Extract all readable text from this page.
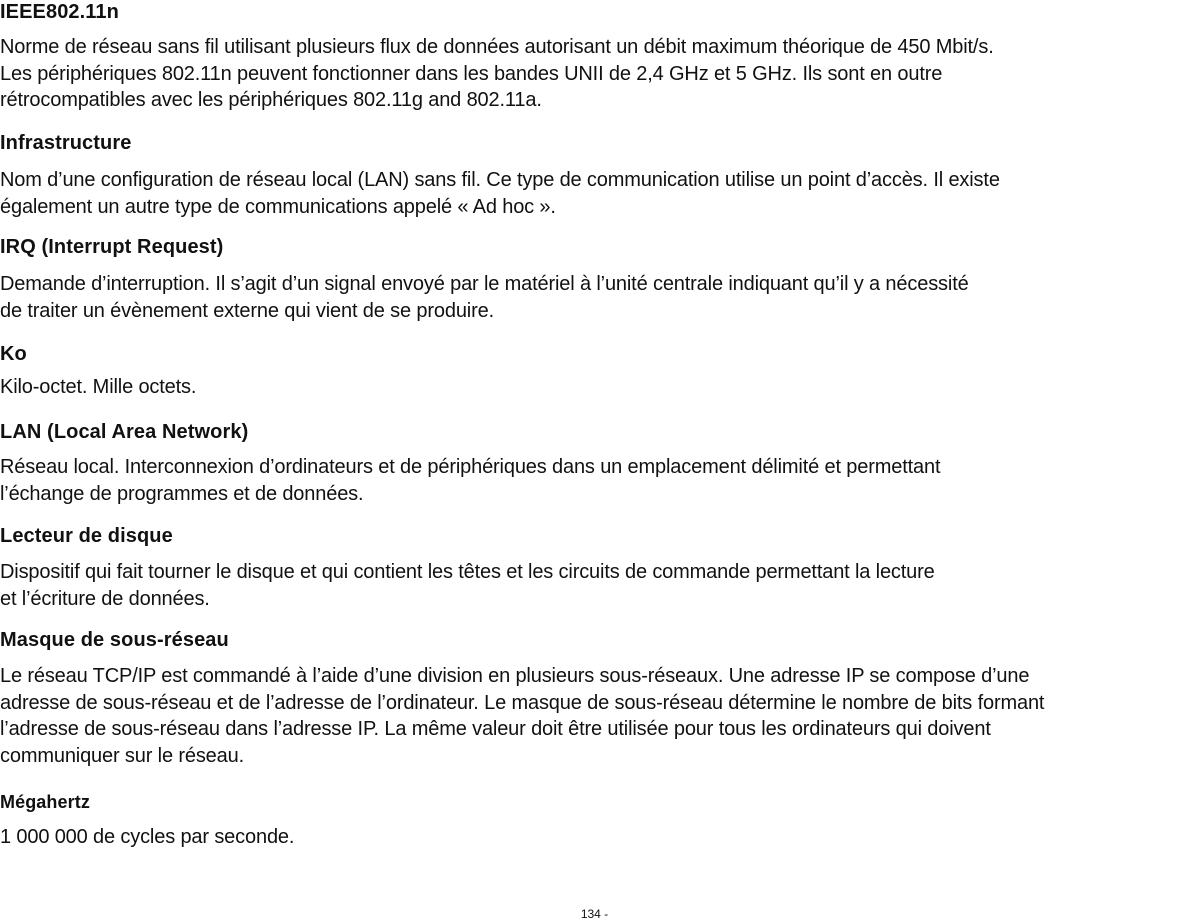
IEEE802.11n

Norme de réseau sans fil utilisant plusieurs flux de données autorisant un débit maximum théorique de 450 Mbit/s.
Les périphériques 802.11n peuvent fonctionner dans les bandes UNII de 2,4 GHz et 5 GHz. Ils sont en outre
rétrocompatibles avec les périphériques 802.11g and 802.11a.

Infrastructure

Nom d’une configuration de réseau local (LAN) sans fil. Ce type de communication utilise un point d’accès. Il existe
également un autre type de communications appelé « Ad hoc ».

IRQ (Interrupt Request)

Demande d’interruption. Il s’agit d’un signal envoyé par le matériel à l’unité centrale indiquant qu’il y a nécessité
de traiter un évènement externe qui vient de se produire.

Ko

Kilo-octet. Mille octets.

LAN (Local Area Network)

Réseau local. Interconnexion d’ordinateurs et de périphériques dans un emplacement délimité et permettant
l’échange de programmes et de données.

Lecteur de disque

Dispositif qui fait tourner le disque et qui contient les têtes et les circuits de commande permettant la lecture
et l’écriture de données.

Masque de sous-réseau

Le réseau TCP/IP est commandé à l’aide d’une division en plusieurs sous-réseaux. Une adresse IP se compose d’une
adresse de sous-réseau et de l’adresse de l’ordinateur. Le masque de sous-réseau détermine le nombre de bits formant
l’adresse de sous-réseau dans l’adresse IP. La même valeur doit être utilisée pour tous les ordinateurs qui doivent
communiquer sur le réseau.

Mégahertz

1 000 000 de cycles par seconde.
134 -
